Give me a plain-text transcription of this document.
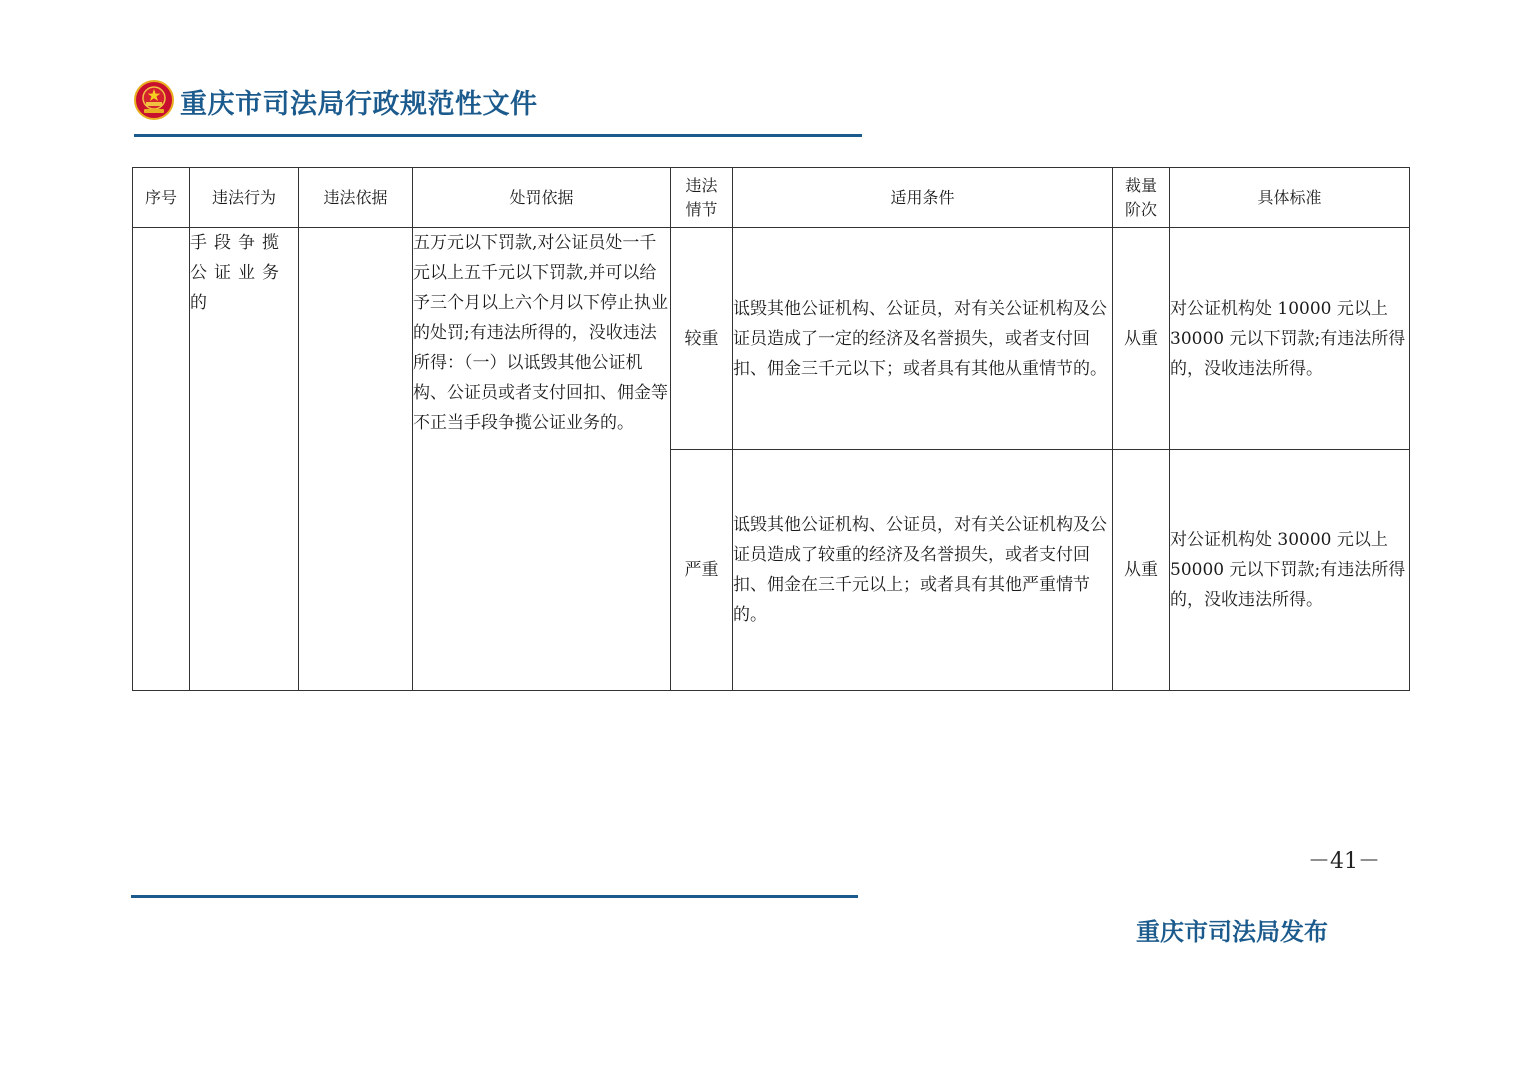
重庆市司法局行政规范性文件
序号	违法行为	违法依据	处罚依据	违法情节	适用条件	裁量阶次	具体标准
	手段争揽公证业务的		五万元以下罚款,对公证员处一千元以上五千元以下罚款,并可以给予三个月以上六个月以下停止执业的处罚;有违法所得的，没收违法所得：（一）以诋毁其他公证机构、公证员或者支付回扣、佣金等不正当手段争揽公证业务的。	较重	诋毁其他公证机构、公证员，对有关公证机构及公证员造成了一定的经济及名誉损失，或者支付回扣、佣金三千元以下；或者具有其他从重情节的。	从重	对公证机构处 10000 元以上 30000 元以下罚款;有违法所得的，没收违法所得。
				严重	诋毁其他公证机构、公证员，对有关公证机构及公证员造成了较重的经济及名誉损失，或者支付回扣、佣金在三千元以上；或者具有其他严重情节的。	从重	对公证机构处 30000 元以上 50000 元以下罚款;有违法所得的，没收违法所得。
－41－
重庆市司法局发布
